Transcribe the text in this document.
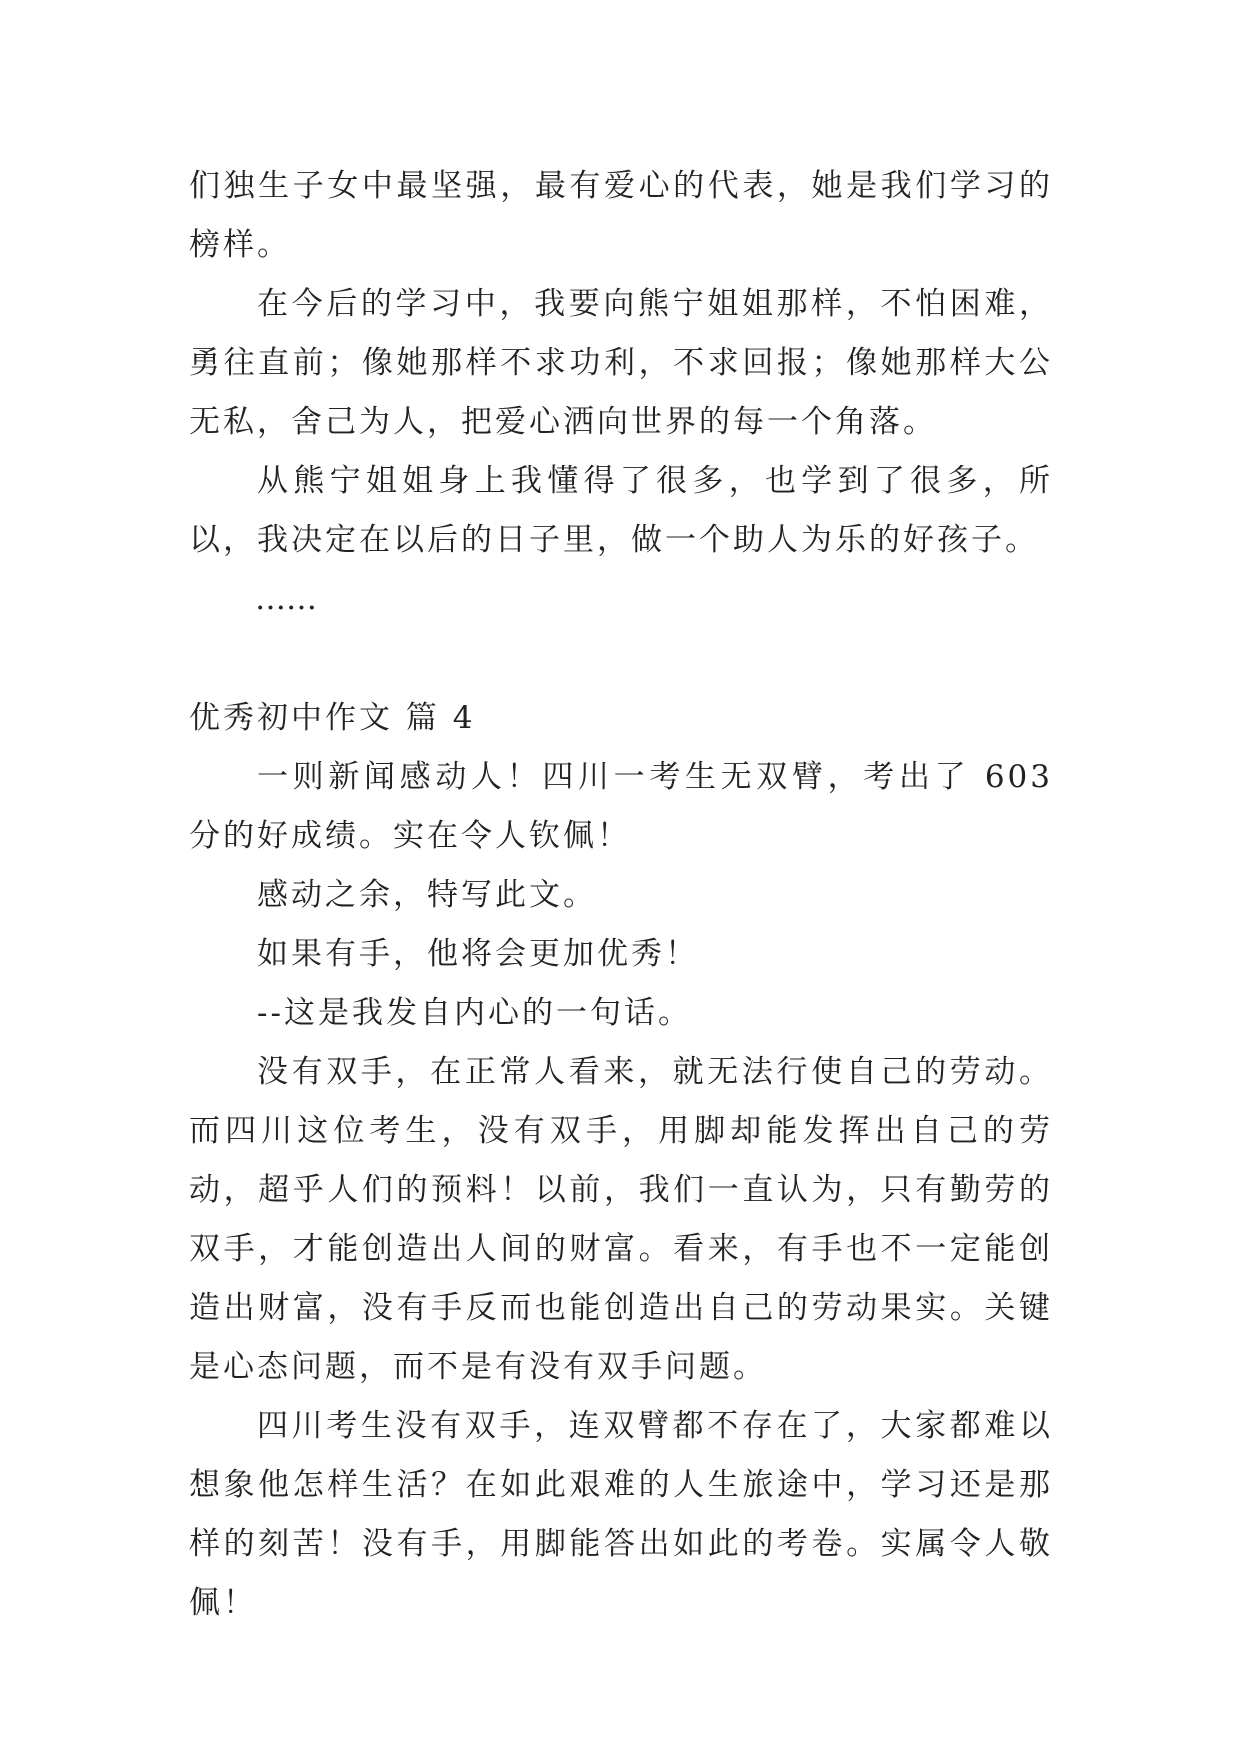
们独生子女中最坚强，最有爱心的代表，她是我们学习的榜样。

在今后的学习中，我要向熊宁姐姐那样，不怕困难，勇往直前；像她那样不求功利，不求回报；像她那样大公无私，舍己为人，把爱心洒向世界的每一个角落。

从熊宁姐姐身上我懂得了很多，也学到了很多，所以，我决定在以后的日子里，做一个助人为乐的好孩子。

……

优秀初中作文 篇 4

一则新闻感动人！四川一考生无双臂，考出了 603 分的好成绩。实在令人钦佩！

感动之余，特写此文。

如果有手，他将会更加优秀！

--这是我发自内心的一句话。

没有双手，在正常人看来，就无法行使自己的劳动。而四川这位考生，没有双手，用脚却能发挥出自己的劳动，超乎人们的预料！以前，我们一直认为，只有勤劳的双手，才能创造出人间的财富。看来，有手也不一定能创造出财富，没有手反而也能创造出自己的劳动果实。关键是心态问题，而不是有没有双手问题。

四川考生没有双手，连双臂都不存在了，大家都难以想象他怎样生活？在如此艰难的人生旅途中，学习还是那样的刻苦！没有手，用脚能答出如此的考卷。实属令人敬佩！
